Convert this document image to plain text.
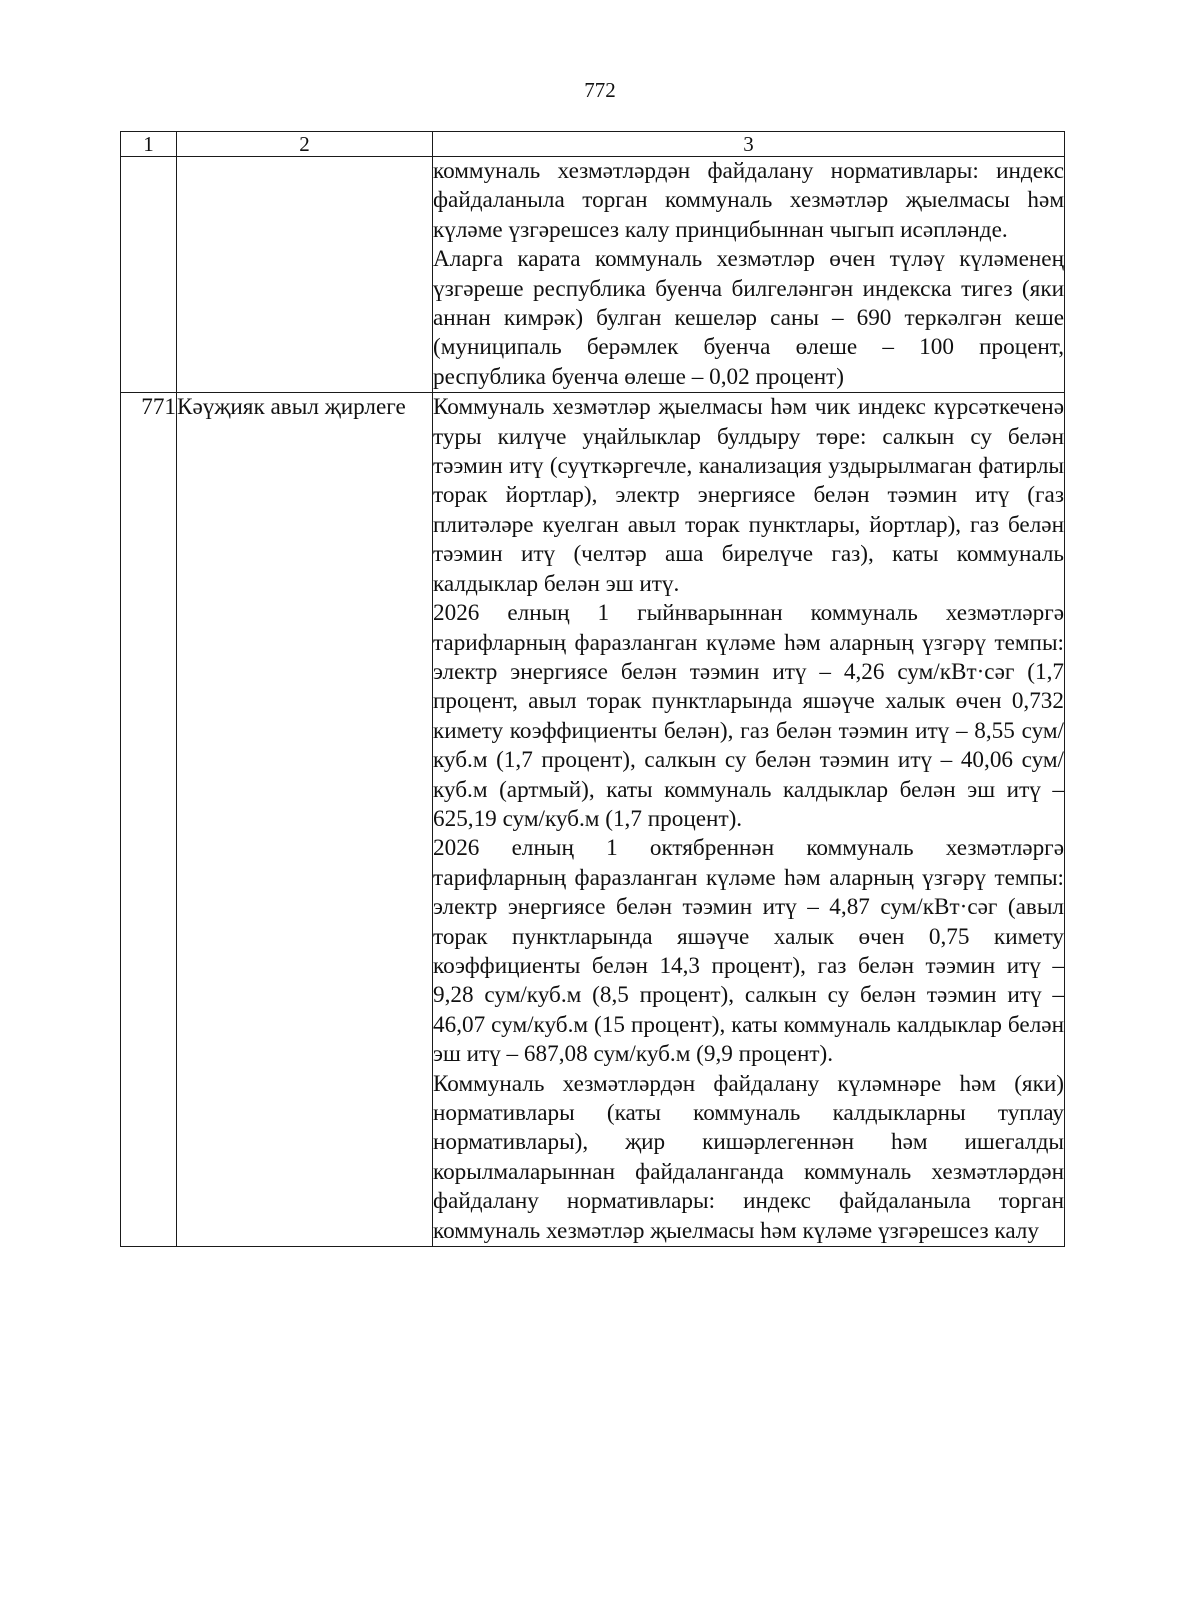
772
1	2	3

		коммуналь хезмәтләрдән файдалану нормативлары: индекс файдаланыла торган коммуналь хезмәтләр җыелмасы һәм күләме үзгәрешсез калу принцибыннан чыгып исәпләнде.

Аларга карата коммуналь хезмәтләр өчен түләү күләменең үзгәреше республика буенча билгеләнгән индекска тигез (яки аннан кимрәк) булган кешеләр саны – 690 теркәлгән кеше (муниципаль берәмлек буенча өлеше – 100 процент, республика буенча өлеше – 0,02 процент)

771	Кәүҗияк авыл җирлеге	Коммуналь хезмәтләр җыелмасы һәм чик индекс күрсәткеченә туры килүче уңайлыклар булдыру төре: салкын су белән тәэмин итү (суүткәргечле, канализация уздырылмаган фатирлы торак йортлар), электр энергиясе белән тәэмин итү (газ плитәләре куелган авыл торак пунктлары, йортлар), газ белән тәэмин итү (челтәр аша бирелүче газ), каты коммуналь калдыклар белән эш итү.

2026 елның 1 гыйнварыннан коммуналь хезмәтләргә тарифларның фаразланган күләме һәм аларның үзгәрү темпы: электр энергиясе белән тәэмин итү – 4,26 сум/кВт·сәг (1,7 процент, авыл торак пунктларында яшәүче халык өчен 0,732 кимету коэффициенты белән), газ белән тәэмин итү – 8,55 сум/куб.м (1,7 процент), салкын су белән тәэмин итү – 40,06 сум/куб.м (артмый), каты коммуналь калдыклар белән эш итү – 625,19 сум/куб.м (1,7 процент).

2026 елның 1 октябреннән коммуналь хезмәтләргә тарифларның фаразланган күләме һәм аларның үзгәрү темпы: электр энергиясе белән тәэмин итү – 4,87 сум/кВт·сәг (авыл торак пунктларында яшәүче халык өчен 0,75 кимету коэффициенты белән 14,3 процент), газ белән тәэмин итү – 9,28 сум/куб.м (8,5 процент), салкын су белән тәэмин итү – 46,07 сум/куб.м (15 процент), каты коммуналь калдыклар белән эш итү – 687,08 сум/куб.м (9,9 процент).

Коммуналь хезмәтләрдән файдалану күләмнәре һәм (яки) нормативлары (каты коммуналь калдыкларны туплау нормативлары), җир кишәрлегеннән һәм ишегалды корылмаларыннан файдаланганда коммуналь хезмәтләрдән файдалану нормативлары: индекс файдаланыла торган коммуналь хезмәтләр җыелмасы һәм күләме үзгәрешсез калу
